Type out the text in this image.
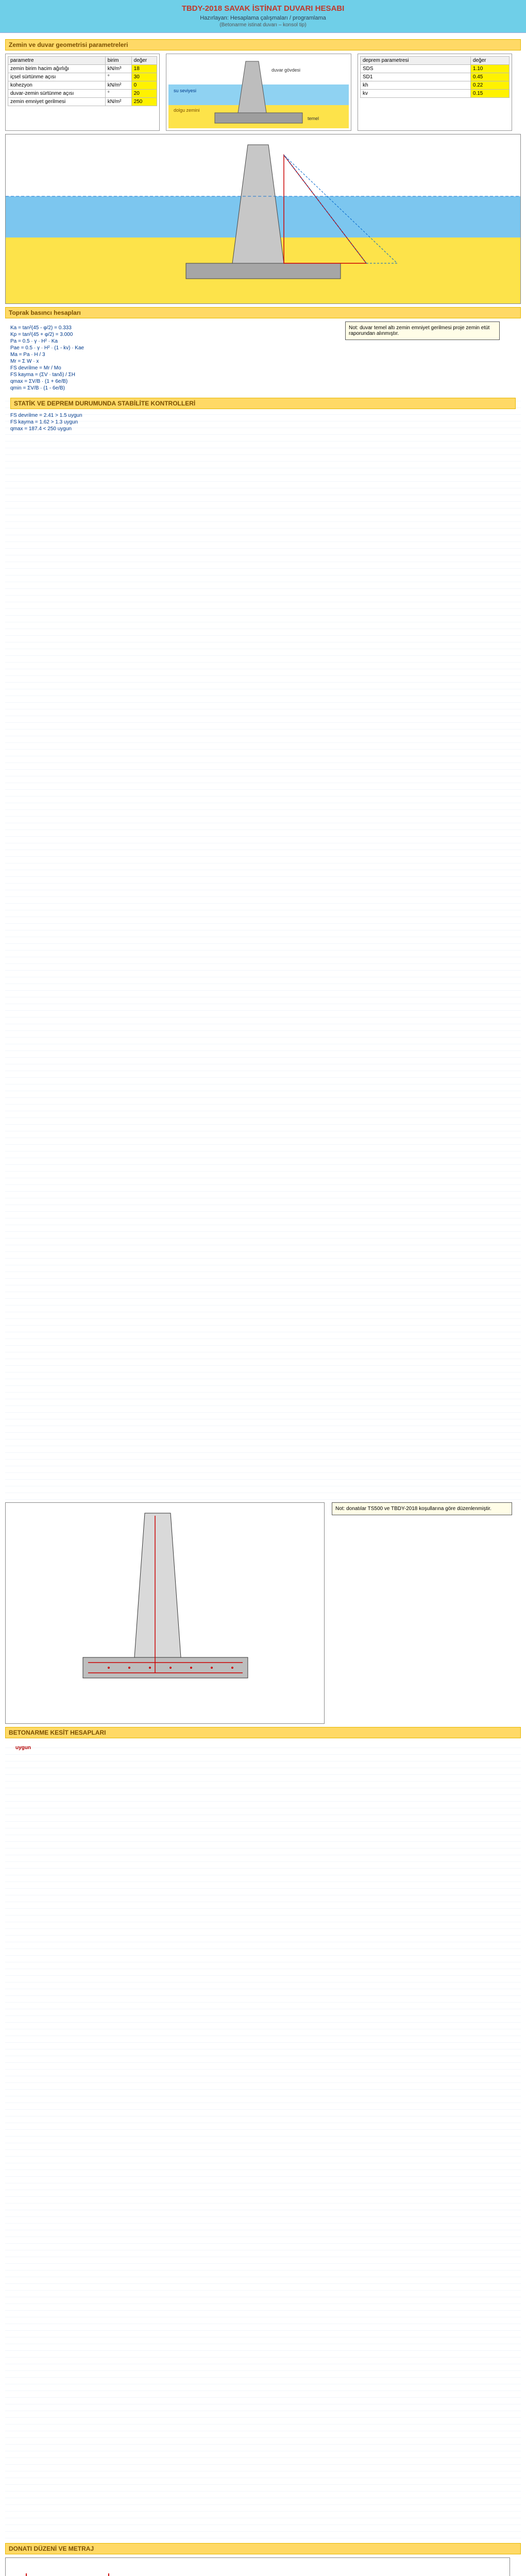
TBDY-2018 SAVAK İSTİNAT DUVARI HESABI
Hazırlayan: Hesaplama çalışmaları / programlama
(Betonarme istinat duvarı – konsol tip)
Zemin ve duvar geometrisi parametreleri
parametre	birim	değer
zemin birim hacim ağırlığı	kN/m³	18
içsel sürtünme açısı	°	30
kohezyon	kN/m²	0
duvar-zemin sürtünme açısı	°	20
zemin emniyet gerilmesi	kN/m²	250
duvar gövdesi
temel
su seviyesi
dolgu zemini
deprem parametresi	değer
SDS	1.10
SD1	0.45
kh	0.22
kv	0.15
Toprak basıncı hesapları
Ka = tan²(45 - φ/2) = 0.333
Kp = tan²(45 + φ/2) = 3.000
Pa = 0.5 · γ · H² · Ka
Pae = 0.5 · γ · H² · (1 - kv) · Kae
Ma = Pa · H / 3
Mr = Σ W · x
FS devrilme = Mr / Mo
FS kayma = (ΣV · tanδ) / ΣH
qmax = ΣV/B · (1 + 6e/B)
qmin = ΣV/B · (1 - 6e/B)
Not: duvar temel altı zemin emniyet gerilmesi proje zemin etüt raporundan alınmıştır.
STATİK VE DEPREM DURUMUNDA STABİLİTE KONTROLLERİ
FS devrilme = 2.41 > 1.5 uygun
FS kayma = 1.62 > 1.3 uygun
qmax = 187.4 < 250 uygun
Not: donatılar TS500 ve TBDY-2018 koşullarına göre düzenlenmiştir.
BETONARME KESİT HESAPLARI
uygun
DONATI DÜZENİ VE METRAJ
